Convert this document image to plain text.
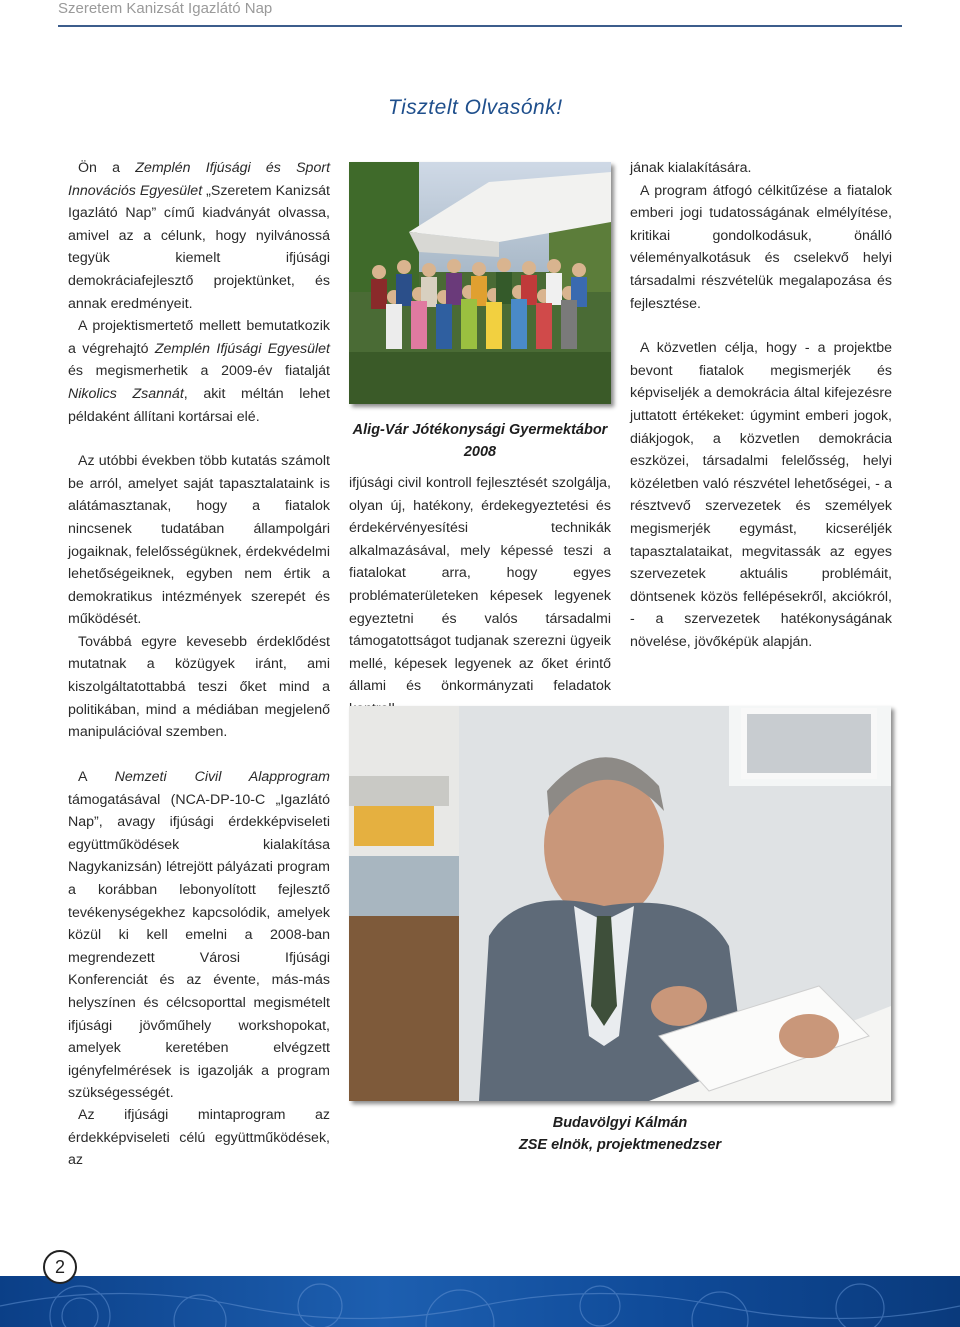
Szeretem Kanizsát Igazlátó Nap
Tisztelt Olvasónk!

Ön a Zemplén Ifjúsági és Sport Innovációs Egyesület „Szeretem Kanizsát Igazlátó Nap” című kiadványát olvassa, amivel az a célunk, hogy nyilvánossá tegyük kiemelt ifjúsági demokráciafejlesztő projektünket, és annak eredményeit.

A projektismertető mellett bemutatkozik a végrehajtó Zemplén Ifjúsági Egyesület és megismerhetik a 2009-év fiatalját Nikolics Zsannát, akit méltán lehet példaként állítani kortársai elé.

Az utóbbi években több kutatás számolt be arról, amelyet saját tapasztalataink is alátámasztanak, hogy a fiatalok nincsenek tudatában állampolgári jogaiknak, felelősségüknek, érdekvédelmi lehetőségeiknek, egyben nem értik a demokratikus intézmények szerepét és működését.

Továbbá egyre kevesebb érdeklődést mutatnak a közügyek iránt, ami kiszolgáltatottabbá teszi őket mind a politikában, mind a médiában megjelenő manipulációval szemben.

A Nemzeti Civil Alapprogram támogatásával (NCA-DP-10-C „Igazlátó Nap”, avagy ifjúsági érdekképviseleti együttműködések kialakítása Nagykanizsán) létrejött pályázati program a korábban lebonyolított fejlesztő tevékenységekhez kapcsolódik, amelyek közül ki kell emelni a 2008-ban megrendezett Városi Ifjúsági Konferenciát és az évente, más-más helyszínen és célcsoporttal megismételt ifjúsági jövőműhely workshopokat, amelyek keretében elvégzett igényfelmérések is igazolják a program szükségességét.

Az ifjúsági mintaprogram az érdekképviseleti célú együttműködések, az

Alig-Vár Jótékonysági Gyermektábor 2008

ifjúsági civil kontroll fejlesztését szolgálja, olyan új, hatékony, érdekegyeztetési és érdekérvényesítési technikák alkalmazásával, mely képessé teszi a fiatalokat arra, hogy egyes problématerületeken képesek legyenek egyeztetni és valós társadalmi támogatottságot tudjanak szerezni ügyeik mellé, képesek legyenek az őket érintő állami és önkormányzati feladatok

jának kialakítására.

A program átfogó célkitűzése a fiatalok emberi jogi tudatosságának elmélyítése, kritikai gondolkodásuk, önálló véleményalkotásuk és cselekvő helyi társadalmi részvételük megalapozása és fejlesztése.

A közvetlen célja, hogy - a projektbe bevont fiatalok megismerjék és képviseljék a demokrácia által kifejezésre juttatott értékeket: úgymint emberi jogok, diákjogok, a közvetlen demokrácia eszközei, társadalmi felelősség, helyi közéletben való részvétel lehetőségei, - a résztvevő szervezetek és személyek megismerjék egymást, kicseréljék tapasztalataikat, megvitassák az egyes szervezetek aktuális problémáit, döntsenek közös fellépésekről, akciókról, - a szervezetek hatékonyságának növelése, jövőképük alapján.

Budavölgyi Kálmán
ZSE elnök, projektmenedzser
2
